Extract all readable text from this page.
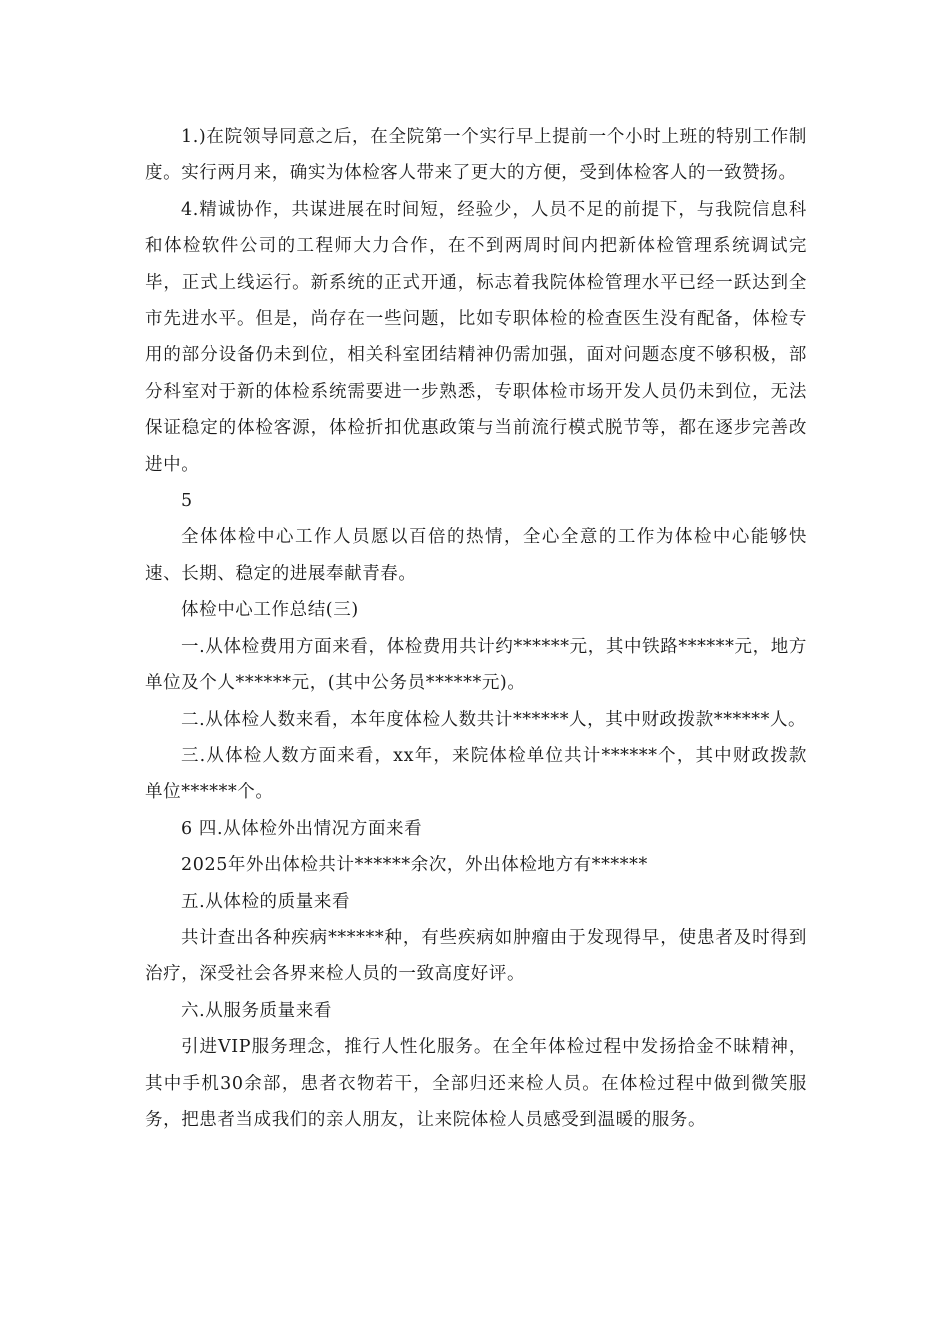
1.)在院领导同意之后，在全院第一个实行早上提前一个小时上班的特别工作制度。实行两月来，确实为体检客人带来了更大的方便，受到体检客人的一致赞扬。

4.精诚协作，共谋进展在时间短，经验少，人员不足的前提下，与我院信息科和体检软件公司的工程师大力合作，在不到两周时间内把新体检管理系统调试完毕，正式上线运行。新系统的正式开通，标志着我院体检管理水平已经一跃达到全市先进水平。但是，尚存在一些问题，比如专职体检的检查医生没有配备，体检专用的部分设备仍未到位，相关科室团结精神仍需加强，面对问题态度不够积极，部分科室对于新的体检系统需要进一步熟悉，专职体检市场开发人员仍未到位，无法保证稳定的体检客源，体检折扣优惠政策与当前流行模式脱节等，都在逐步完善改进中。

5

全体体检中心工作人员愿以百倍的热情，全心全意的工作为体检中心能够快速、长期、稳定的进展奉献青春。

体检中心工作总结(三)

一.从体检费用方面来看，体检费用共计约******元，其中铁路******元，地方单位及个人******元，(其中公务员******元)。

二.从体检人数来看，本年度体检人数共计******人，其中财政拨款******人。

三.从体检人数方面来看，xx年，来院体检单位共计******个，其中财政拨款单位******个。

6 四.从体检外出情况方面来看

2025年外出体检共计******余次，外出体检地方有******

五.从体检的质量来看

共计查出各种疾病******种，有些疾病如肿瘤由于发现得早，使患者及时得到治疗，深受社会各界来检人员的一致高度好评。

六.从服务质量来看

引进VIP服务理念，推行人性化服务。在全年体检过程中发扬拾金不昧精神，其中手机30余部，患者衣物若干，全部归还来检人员。在体检过程中做到微笑服务，把患者当成我们的亲人朋友，让来院体检人员感受到温暖的服务。
